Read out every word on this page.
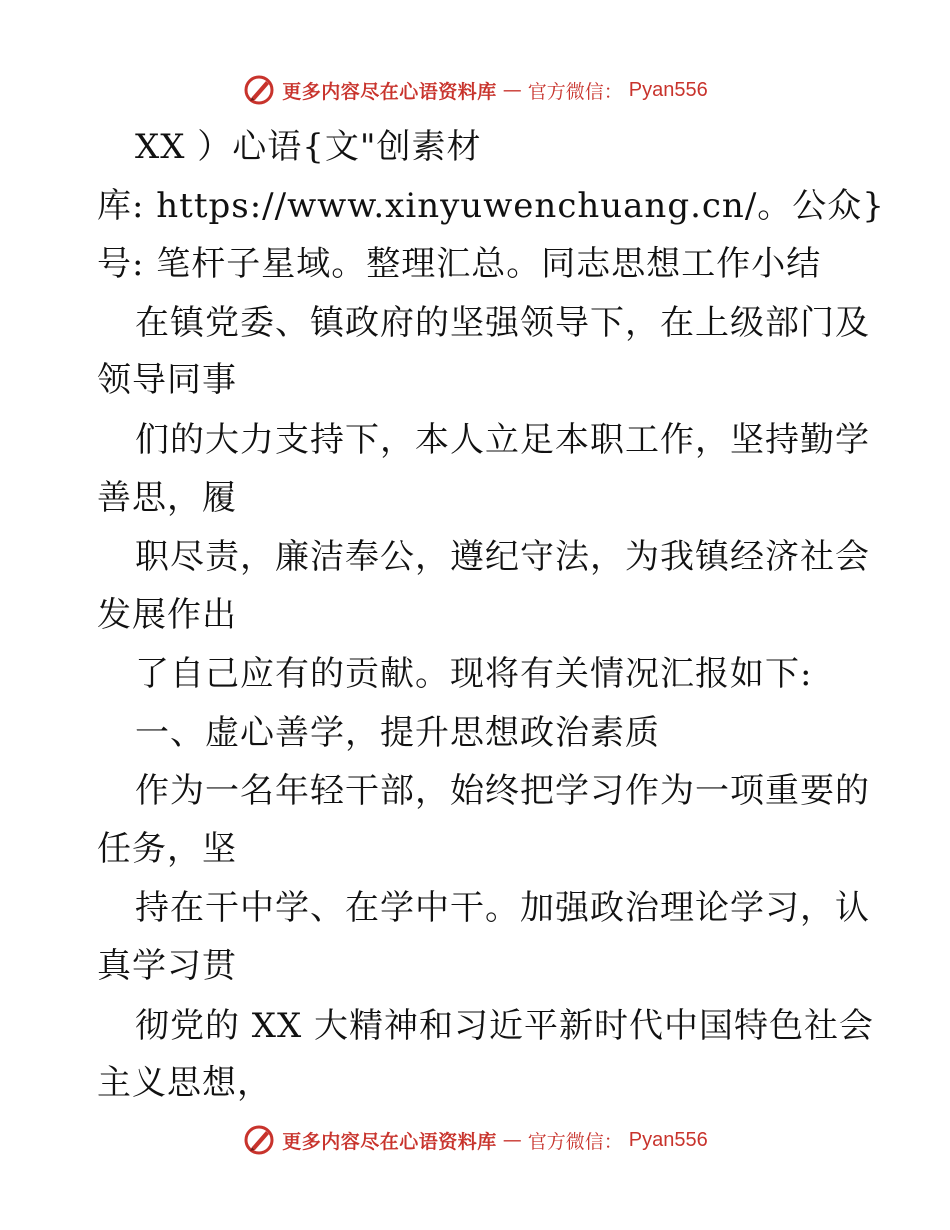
更多内容尽在心语资料库 — 官方微信： Pyan556
XX ）心语{文"创素材
库: https://www.xinyuwenchuang.cn/。公众}
号: 笔杆子星域。整理汇总。同志思想工作小结
在镇党委、镇政府的坚强领导下，在上级部门及
领导同事
们的大力支持下，本人立足本职工作，坚持勤学
善思，履
职尽责，廉洁奉公，遵纪守法，为我镇经济社会
发展作出
了自己应有的贡献。现将有关情况汇报如下:
一、虚心善学，提升思想政治素质
作为一名年轻干部，始终把学习作为一项重要的
任务，坚
持在干中学、在学中干。加强政治理论学习，认
真学习贯
彻党的 XX 大精神和习近平新时代中国特色社会
主义思想，
更多内容尽在心语资料库 — 官方微信： Pyan556
